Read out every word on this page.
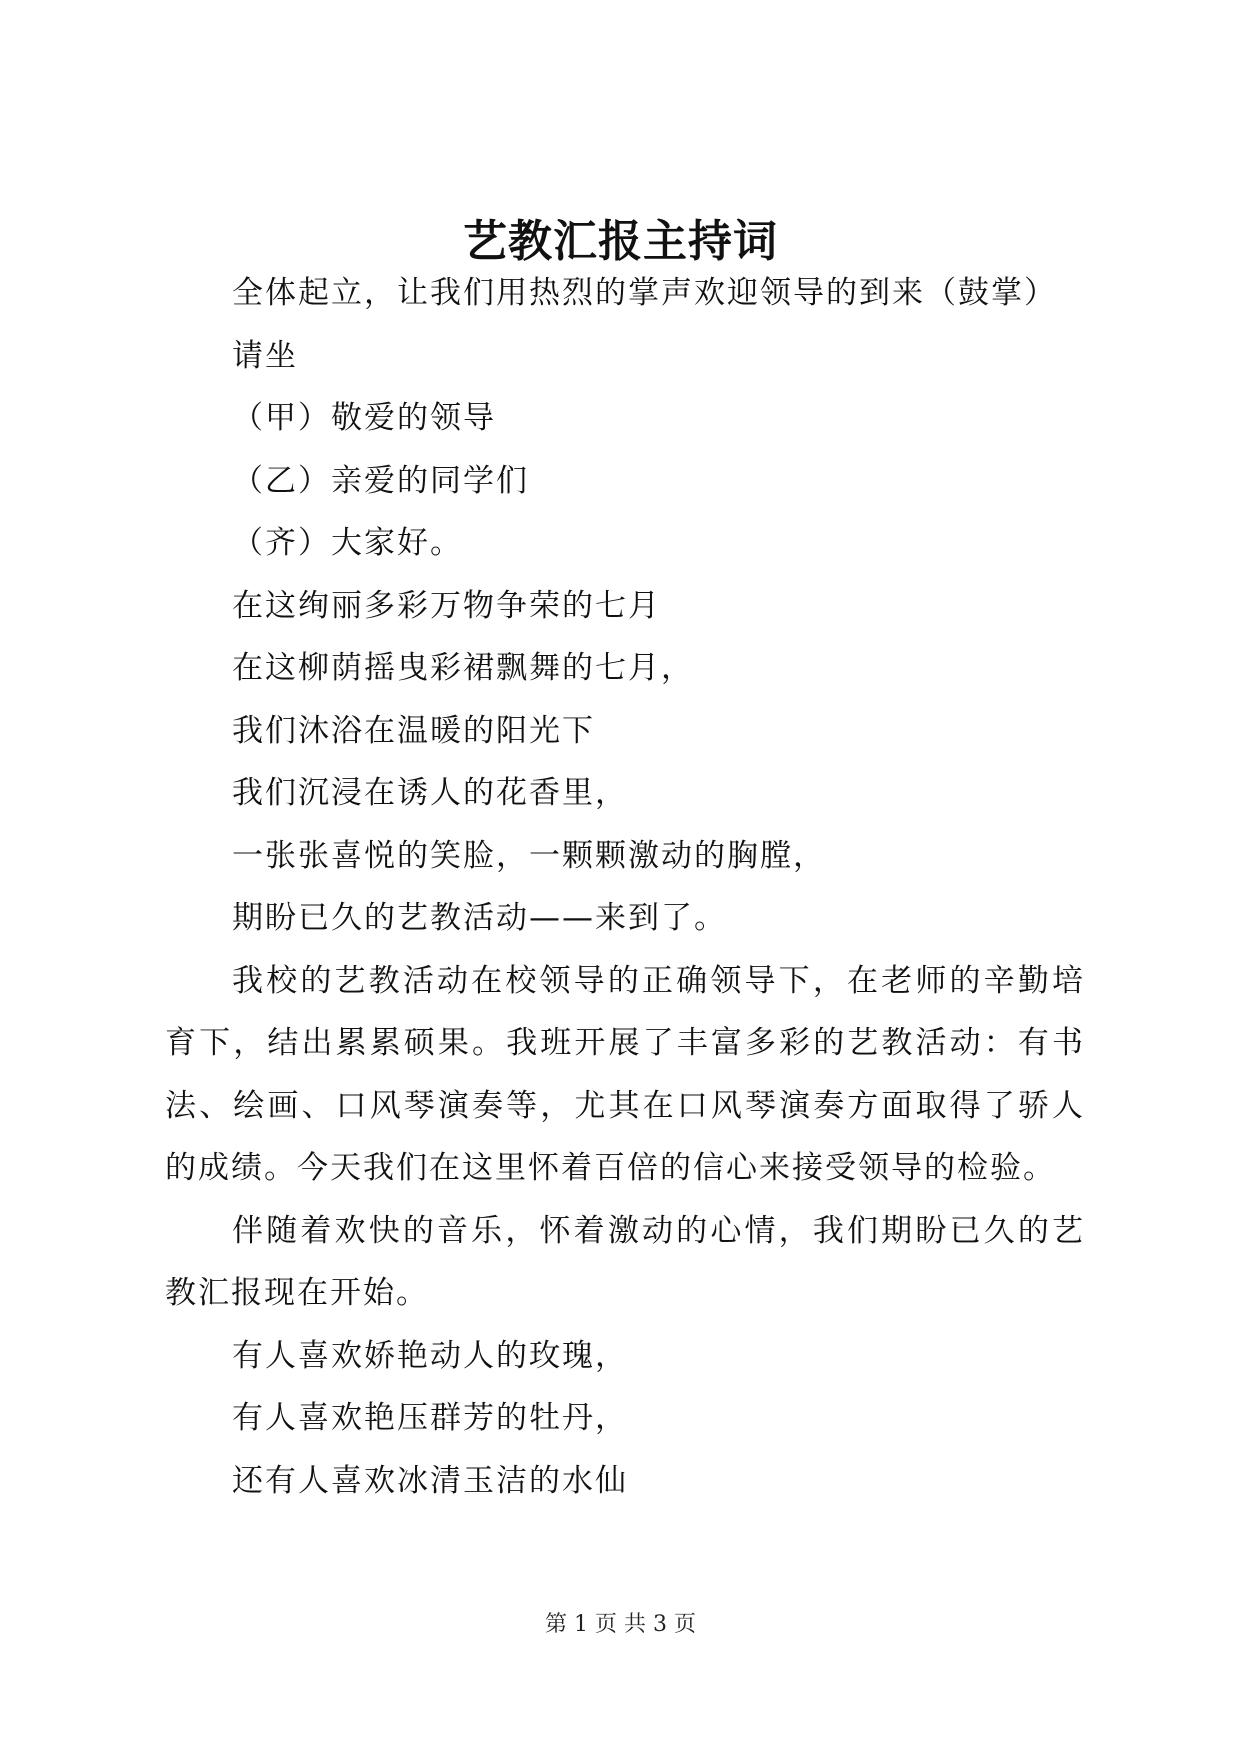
艺教汇报主持词

全体起立，让我们用热烈的掌声欢迎领导的到来（鼓掌）

请坐

（甲）敬爱的领导

（乙）亲爱的同学们

（齐）大家好。

在这绚丽多彩万物争荣的七月

在这柳荫摇曳彩裙飘舞的七月，

我们沐浴在温暖的阳光下

我们沉浸在诱人的花香里，

一张张喜悦的笑脸，一颗颗激动的胸膛，

期盼已久的艺教活动——来到了。

我校的艺教活动在校领导的正确领导下，在老师的辛勤培育下，结出累累硕果。我班开展了丰富多彩的艺教活动：有书法、绘画、口风琴演奏等，尤其在口风琴演奏方面取得了骄人的成绩。今天我们在这里怀着百倍的信心来接受领导的检验。

伴随着欢快的音乐，怀着激动的心情，我们期盼已久的艺教汇报现在开始。

有人喜欢娇艳动人的玫瑰，

有人喜欢艳压群芳的牡丹，

还有人喜欢冰清玉洁的水仙

第 1 页 共 3 页
